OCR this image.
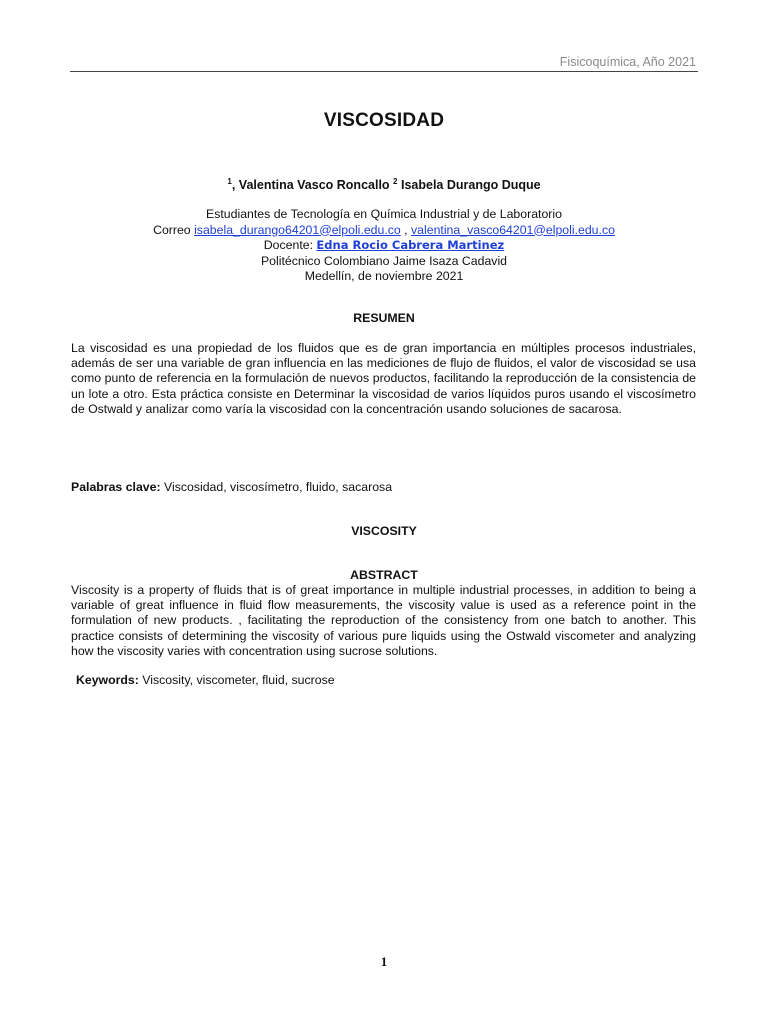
Fisicoquímica, Año 2021
VISCOSIDAD
$^1$, Valentina Vasco Roncallo $^2$ Isabela Durango Duque
Estudiantes de Tecnología en Química Industrial y de Laboratorio
Correo isabela_durango64201@elpoli.edu.co , valentina_vasco64201@elpoli.edu.co
Docente: Edna Rocio Cabrera Martinez
Politécnico Colombiano Jaime Isaza Cadavid
Medellín, de noviembre 2021
RESUMEN
La viscosidad es una propiedad de los fluidos que es de gran importancia en múltiples procesos industriales, además de ser una variable de gran influencia en las mediciones de flujo de fluidos, el valor de viscosidad se usa como punto de referencia en la formulación de nuevos productos, facilitando la reproducción de la consistencia de un lote a otro. Esta práctica consiste en Determinar la viscosidad de varios líquidos puros usando el viscosímetro de Ostwald y analizar como varía la viscosidad con la concentración usando soluciones de sacarosa.
Palabras clave: Viscosidad, viscosímetro, fluido, sacarosa
VISCOSITY
ABSTRACT
Viscosity is a property of fluids that is of great importance in multiple industrial processes, in addition to being a variable of great influence in fluid flow measurements, the viscosity value is used as a reference point in the formulation of new products. , facilitating the reproduction of the consistency from one batch to another. This practice consists of determining the viscosity of various pure liquids using the Ostwald viscometer and analyzing how the viscosity varies with concentration using sucrose solutions.
Keywords: Viscosity, viscometer, fluid, sucrose
1
